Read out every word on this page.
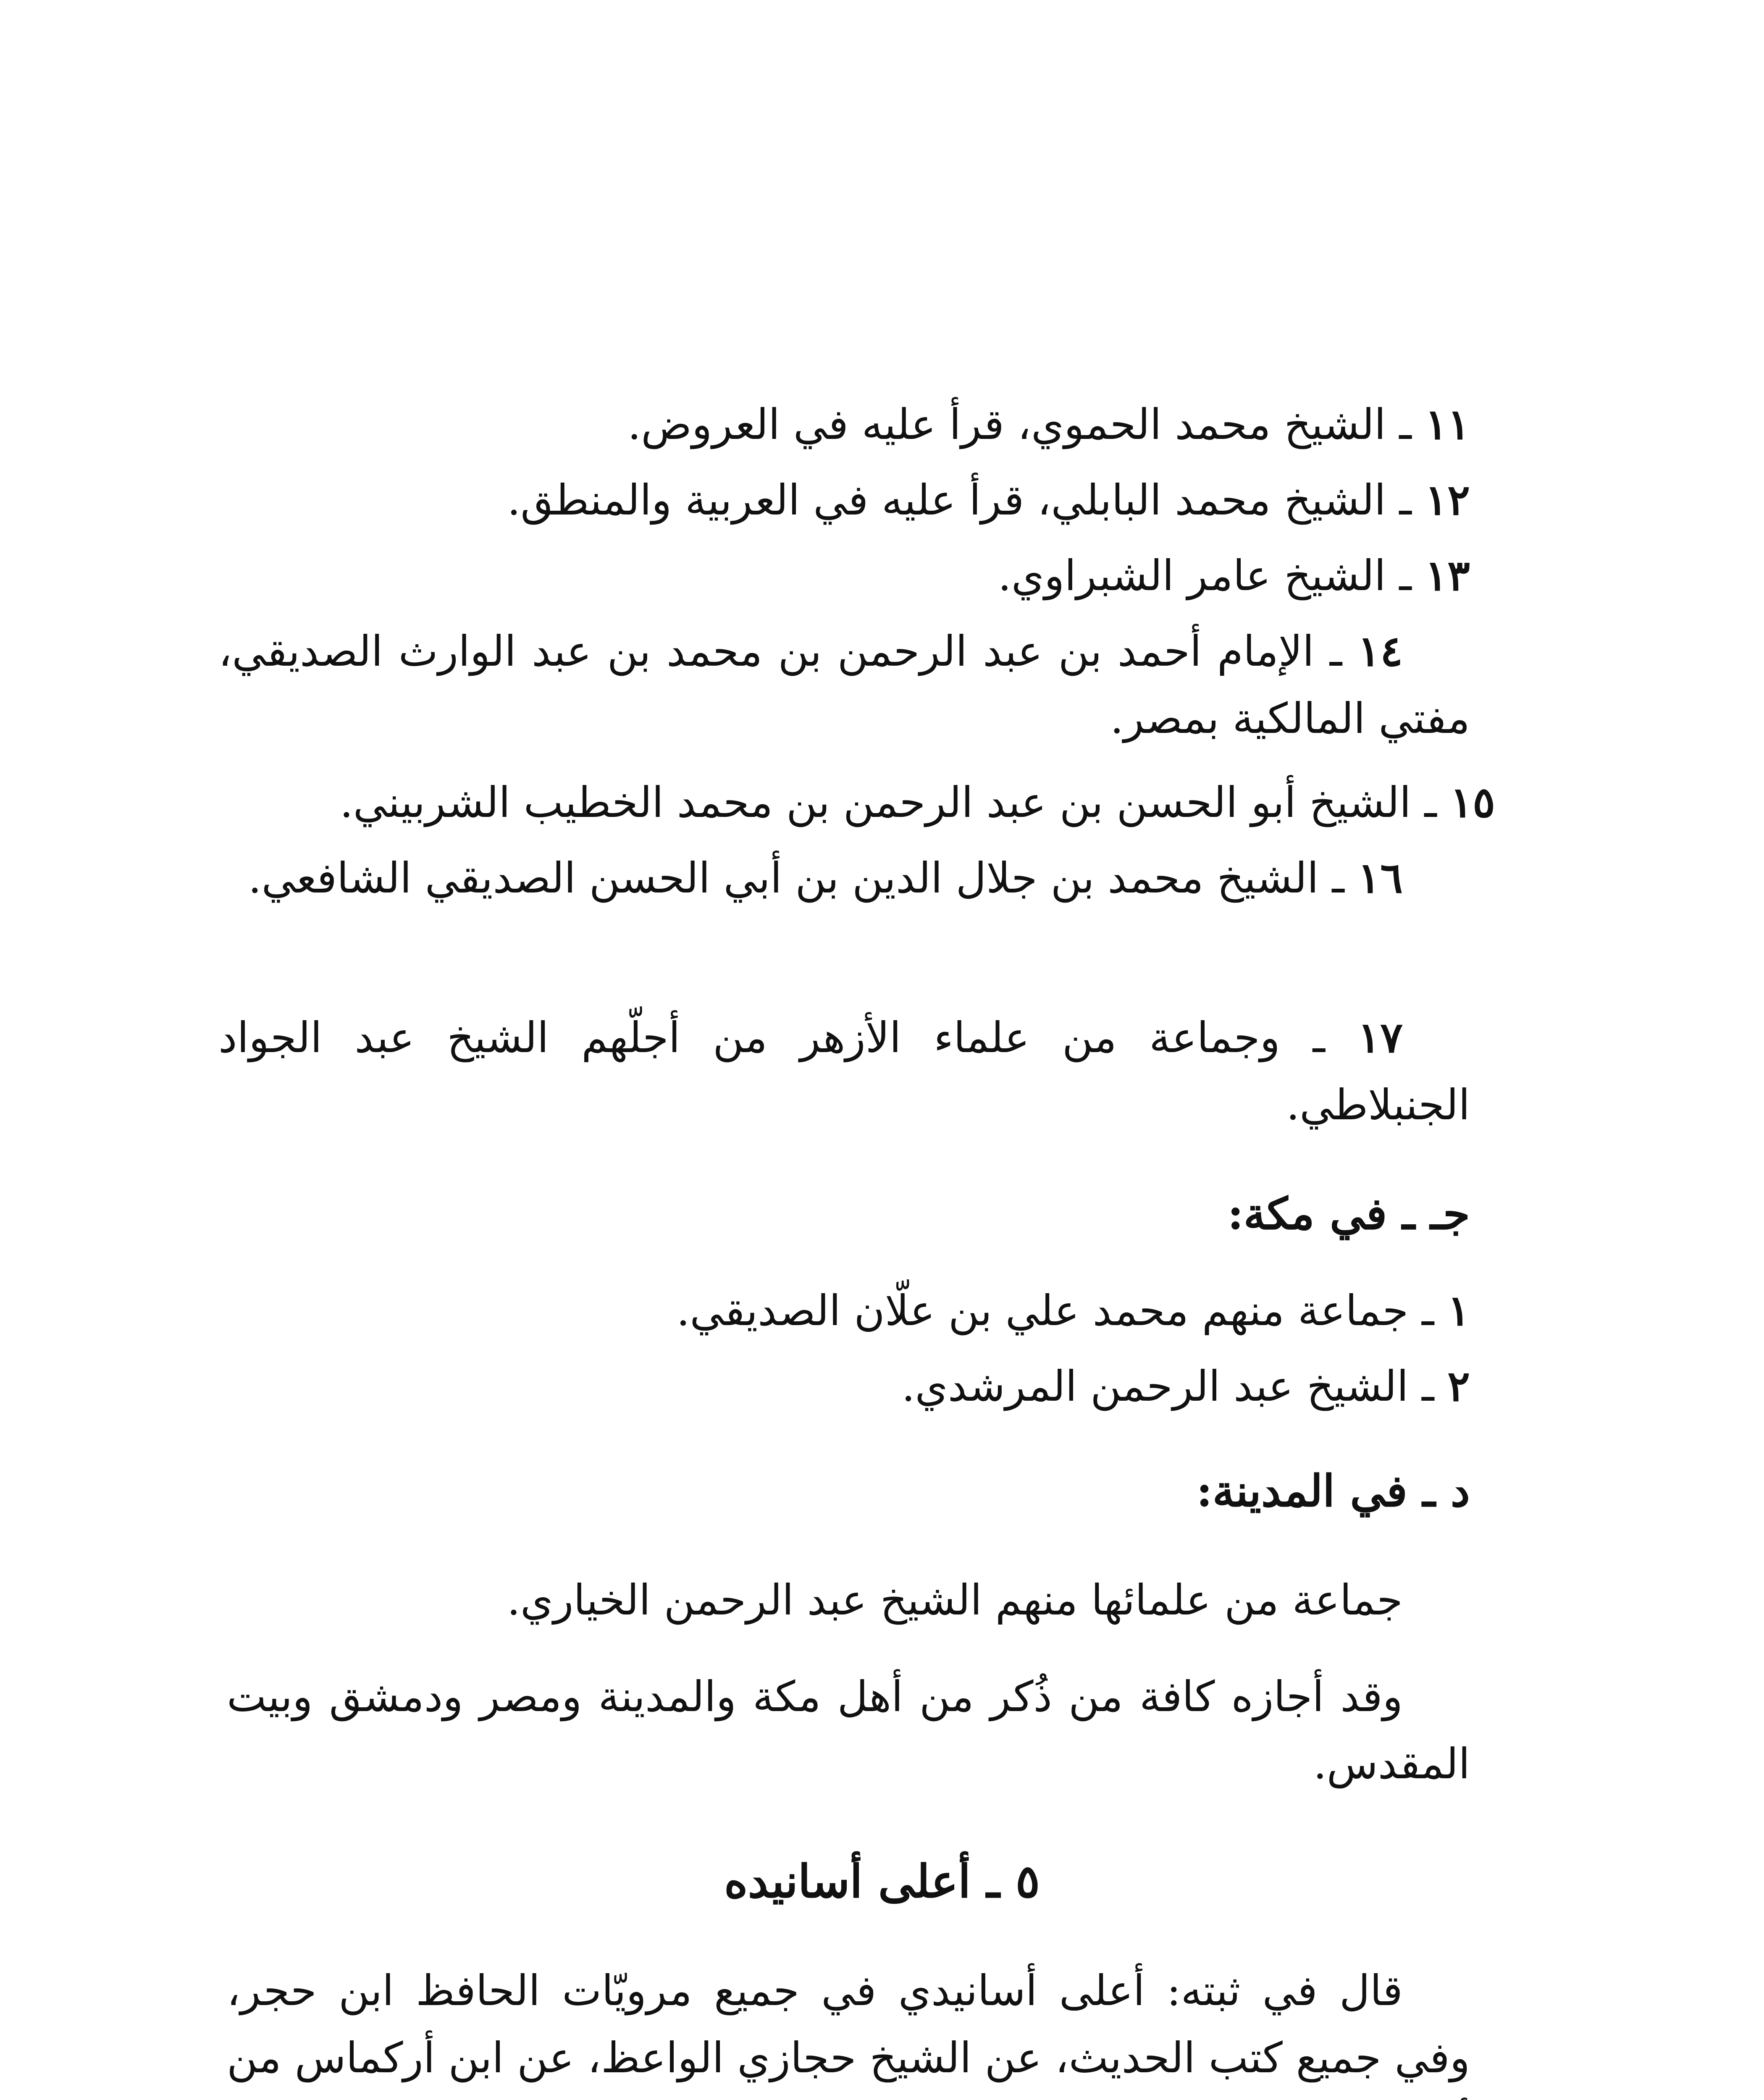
١١ ـ الشيخ محمد الحموي، قرأ عليه في العروض.
١٢ ـ الشيخ محمد البابلي، قرأ عليه في العربية والمنطق.
١٣ ـ الشيخ عامر الشبراوي.
١٤ ـ الإمام أحمد بن عبد الرحمن بن محمد بن عبد الوارث الصديقي، مفتي المالكية بمصر.
١٥ ـ الشيخ أبو الحسن بن عبد الرحمن بن محمد الخطيب الشربيني.
١٦ ـ الشيخ محمد بن جلال الدين بن أبي الحسن الصديقي الشافعي.
١٧ ـ وجماعة من علماء الأزهر من أجلّهم الشيخ عبد الجواد الجنبلاطي.
جـ ـ في مكة:
١ ـ جماعة منهم محمد علي بن علّان الصديقي.
٢ ـ الشيخ عبد الرحمن المرشدي.
د ـ في المدينة:
جماعة من علمائها منهم الشيخ عبد الرحمن الخياري.
وقد أجازه كافة من ذُكر من أهل مكة والمدينة ومصر ودمشق وبيت المقدس.
٥ ـ أعلى أسانيده
قال في ثبته: أعلى أسانيدي في جميع مرويّات الحافظ ابن حجر، وفي جميع كتب الحديث، عن الشيخ حجازي الواعظ، عن ابن أركماس من
